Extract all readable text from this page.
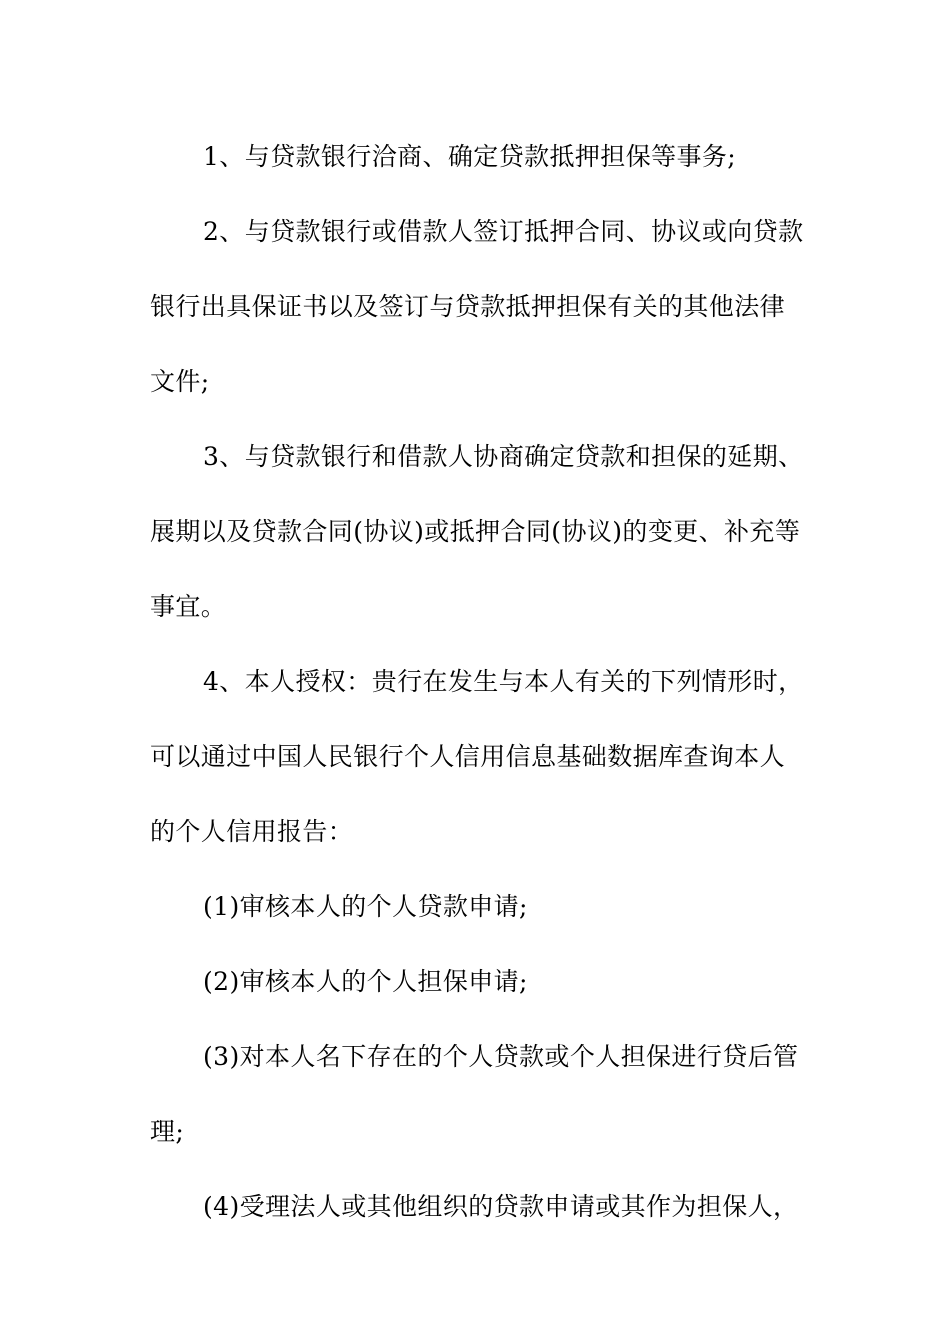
1、与贷款银行洽商、确定贷款抵押担保等事务;

2、与贷款银行或借款人签订抵押合同、协议或向贷款银行出具保证书以及签订与贷款抵押担保有关的其他法律文件;

3、与贷款银行和借款人协商确定贷款和担保的延期、展期以及贷款合同(协议)或抵押合同(协议)的变更、补充等事宜。

4、本人授权：贵行在发生与本人有关的下列情形时，可以通过中国人民银行个人信用信息基础数据库查询本人的个人信用报告：

(1)审核本人的个人贷款申请;

(2)审核本人的个人担保申请;

(3)对本人名下存在的个人贷款或个人担保进行贷后管理;

(4)受理法人或其他组织的贷款申请或其作为担保人，
